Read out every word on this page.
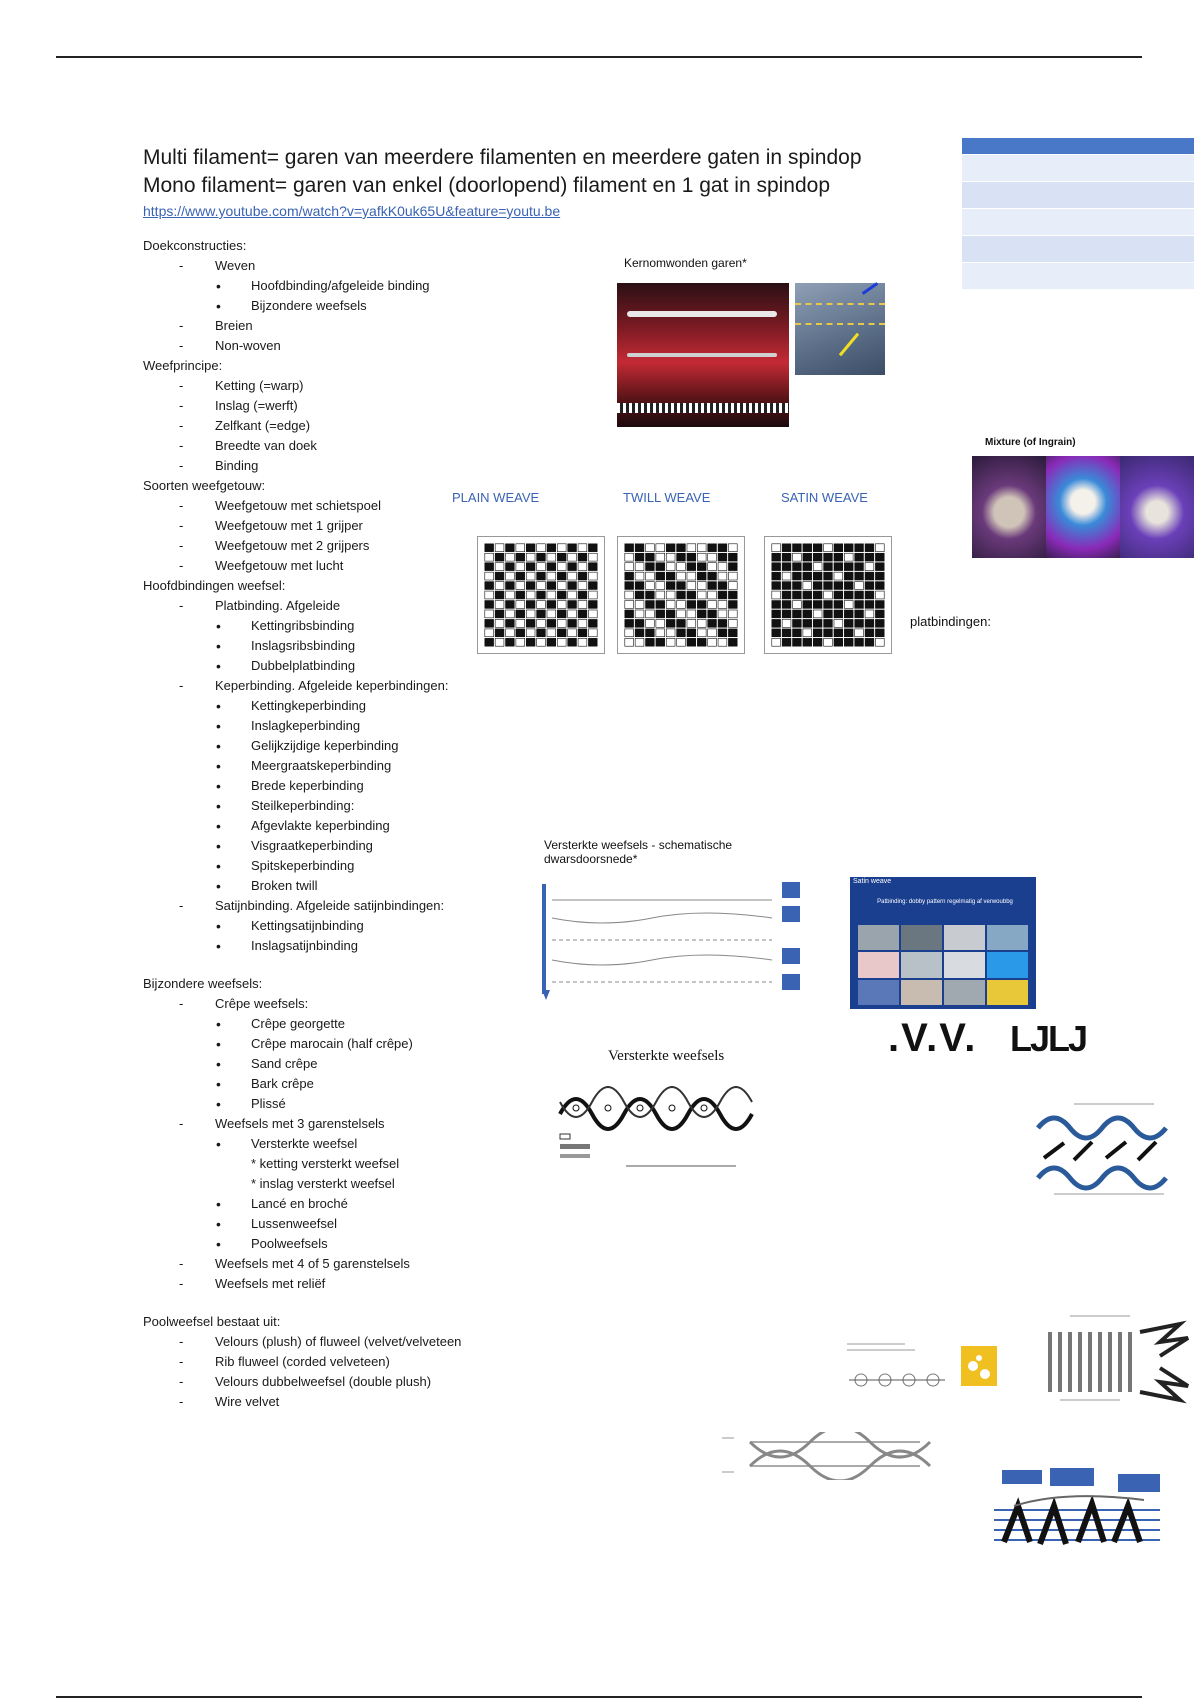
Multi filament= garen van meerdere filamenten en meerdere gaten in spindop
Mono filament= garen van enkel (doorlopend) filament en 1 gat in spindop
https://www.youtube.com/watch?v=yafkK0uk65U&feature=youtu.be
Doekconstructies:
- Weven
• Hoofdbinding/afgeleide binding
• Bijzondere weefsels
- Breien
- Non-woven
Weefprincipe:
- Ketting (=warp)
- Inslag (=werft)
- Zelfkant (=edge)
- Breedte van doek
- Binding
Soorten weefgetouw:
- Weefgetouw met schietspoel
- Weefgetouw met 1 grijper
- Weefgetouw met 2 grijpers
- Weefgetouw met lucht
Hoofdbindingen weefsel:
- Platbinding. Afgeleide
• Kettingribsbinding
• Inslagsribsbinding
• Dubbelplatbinding
- Keperbinding. Afgeleide keperbindingen:
• Kettingkeperbinding
• Inslagkeperbinding
• Gelijkzijdige keperbinding
• Meergraatskeperbinding
• Brede keperbinding
• Steilkeperbinding:
• Afgevlakte keperbinding
• Visgraatkeperbinding
• Spitskeperbinding
• Broken twill
- Satijnbinding. Afgeleide satijnbindingen:
• Kettingsatijnbinding
• Inslagsatijnbinding
Bijzondere weefsels:
- Crêpe weefsels:
• Crêpe georgette
• Crêpe marocain (half crêpe)
• Sand crêpe
• Bark crêpe
• Plissé
- Weefsels met 3 garenstelsels
• Versterkte weefsel
* ketting versterkt weefsel
* inslag versterkt weefsel
• Lancé en broché
• Lussenweefsel
• Poolweefsels
- Weefsels met 4 of 5 garenstelsels
- Weefsels met reliëf
Poolweefsel bestaat uit:
- Velours (plush) of fluweel (velvet/velveteen
- Rib fluweel (corded velveteen)
- Velours dubbelweefsel (double plush)
- Wire velvet
Kernomwonden garen*

Mixture (of Ingrain)
PLAIN WEAVE	TWILL WEAVE	SATIN WEAVE
platbindingen:
Versterkte weefsels - schematische
dwarsdoorsnede*
Satin weave
Patbinding: dobby pattern regelmatig af verwoubbg
.V.V. LJLJ
Versterkte weefsels
